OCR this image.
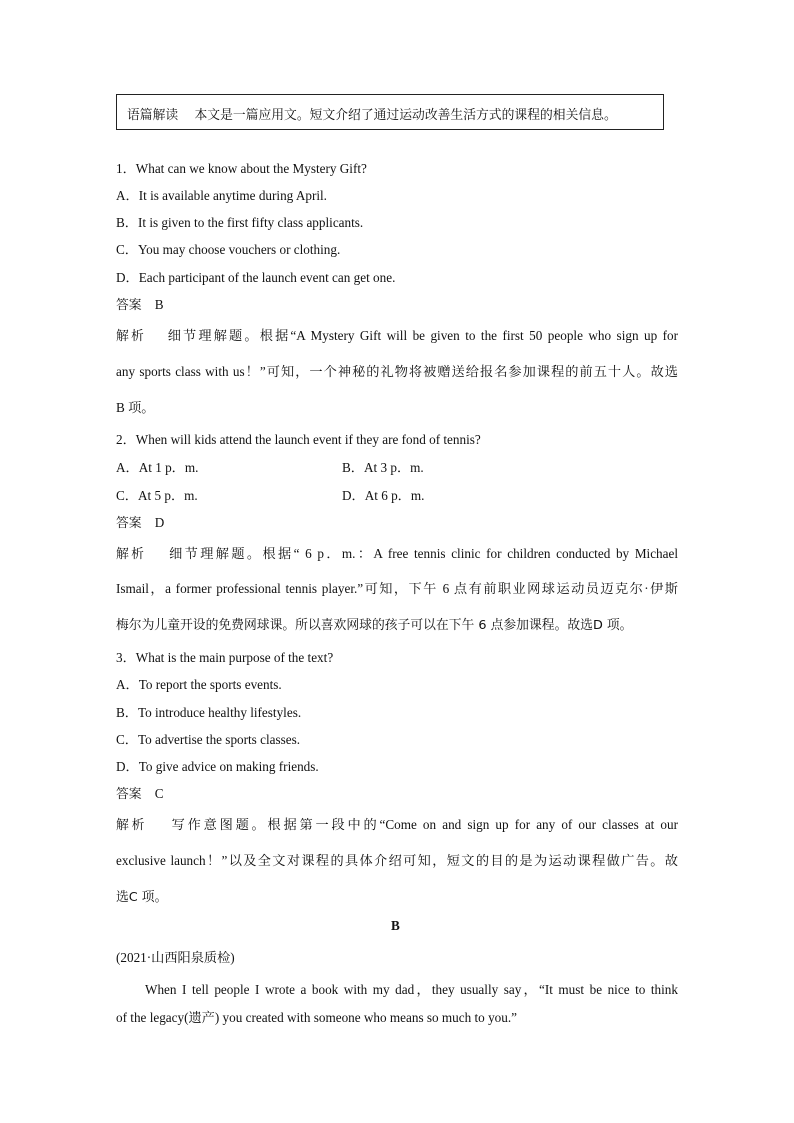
语篇解读 本文是一篇应用文。短文介绍了通过运动改善生活方式的课程的相关信息。
1．What can we know about the Mystery Gift?
A．It is available anytime during April.
B．It is given to the first fifty class applicants.
C．You may choose vouchers or clothing.
D．Each participant of the launch event can get one.
答案 B
解析 细节理解题。根据“A Mystery Gift will be given to the first 50 people who sign up for
any sports class with us！”可知，一个神秘的礼物将被赠送给报名参加课程的前五十人。故选
B 项。
2．When will kids attend the launch event if they are fond of tennis?
A．At 1 p．m.	B．At 3 p．m.
C．At 5 p．m.	D．At 6 p．m.
答案 D
解析 细节理解题。根据“ 6 p．m.：A free tennis clinic for children conducted by Michael
Ismail，a former professional tennis player.”可知，下午 6 点有前职业网球运动员迈克尔·伊斯
梅尔为儿童开设的免费网球课。所以喜欢网球的孩子可以在下午 6 点参加课程。故选D 项。
3．What is the main purpose of the text?
A．To report the sports events.
B．To introduce healthy lifestyles.
C．To advertise the sports classes.
D．To give advice on making friends.
答案 C
解析 写作意图题。根据第一段中的“Come on and sign up for any of our classes at our
exclusive launch！”以及全文对课程的具体介绍可知，短文的目的是为运动课程做广告。故
选C 项。
B
(2021·山西阳泉质检)
When I tell people I wrote a book with my dad，they usually say，“It must be nice to think
of the legacy(遗产) you created with someone who means so much to you.”
